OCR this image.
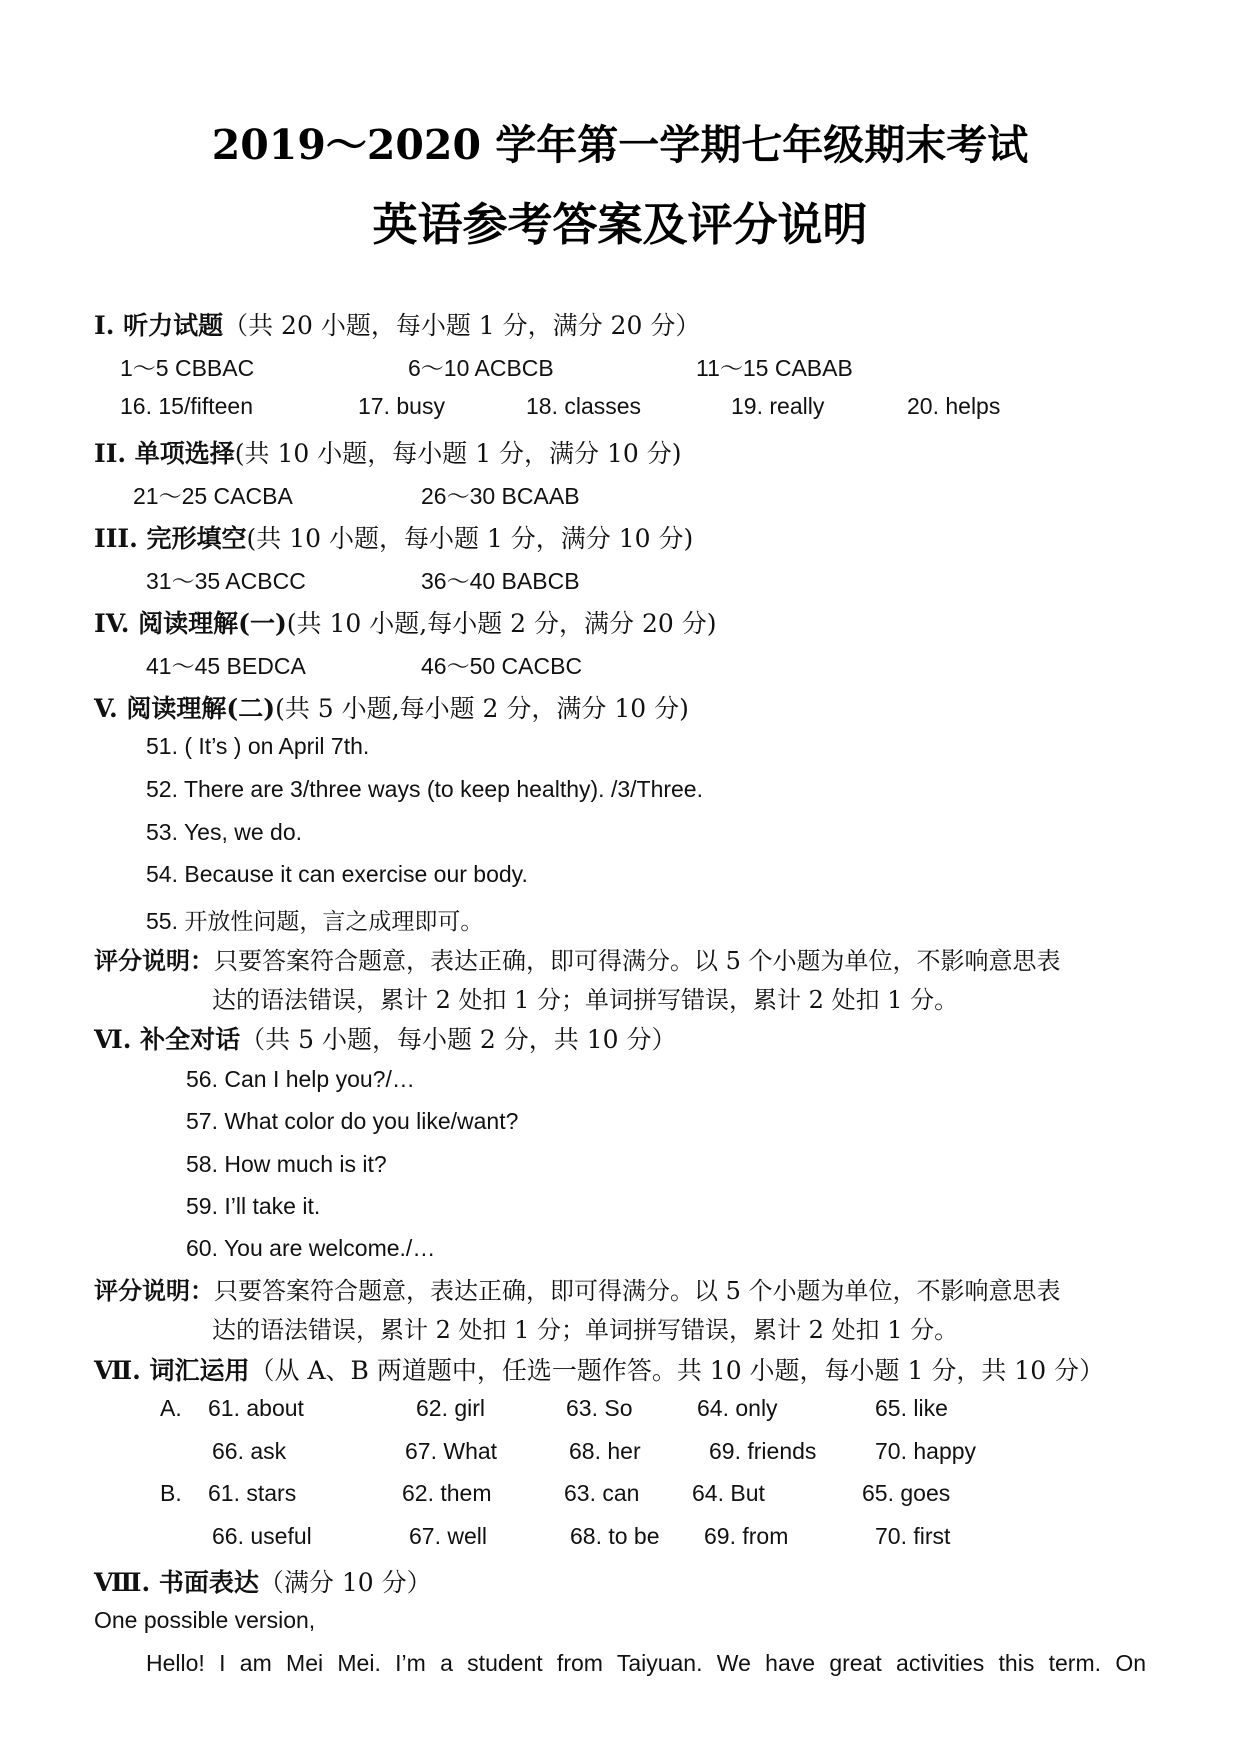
2019～2020 学年第一学期七年级期末考试
英语参考答案及评分说明
I. 听力试题（共 20 小题，每小题 1 分，满分 20 分）
1～5 CBBAC	6～10 ACBCB	11～15 CABAB
16. 15/fifteen	17. busy	18. classes	19. really	20. helps
II. 单项选择(共 10 小题，每小题 1 分，满分 10 分)
21～25 CACBA	26～30 BCAAB
III. 完形填空(共 10 小题，每小题 1 分，满分 10 分)
31～35 ACBCC	36～40 BABCB
IV. 阅读理解(一)(共 10 小题,每小题 2 分，满分 20 分)
41～45 BEDCA	46～50 CACBC
V. 阅读理解(二)(共 5 小题,每小题 2 分，满分 10 分)
51. ( It’s ) on April 7th.
52. There are 3/three ways (to keep healthy). /3/Three.
53. Yes, we do.
54. Because it can exercise our body.
55. 开放性问题，言之成理即可。
评分说明：只要答案符合题意，表达正确，即可得满分。以 5 个小题为单位，不影响意思表
达的语法错误，累计 2 处扣 1 分；单词拼写错误，累计 2 处扣 1 分。
Ⅵ. 补全对话（共 5 小题，每小题 2 分，共 10 分）
56. Can I help you?/…
57. What color do you like/want?
58. How much is it?
59. I’ll take it.
60. You are welcome./…
评分说明：只要答案符合题意，表达正确，即可得满分。以 5 个小题为单位，不影响意思表
达的语法错误，累计 2 处扣 1 分；单词拼写错误，累计 2 处扣 1 分。
Ⅶ. 词汇运用（从 A、B 两道题中，任选一题作答。共 10 小题，每小题 1 分，共 10 分）
A. 61. about	62. girl	63. So	64. only	65. like
66. ask	67. What	68. her	69. friends	70. happy
B. 61. stars	62. them	63. can 64. But	65. goes
66. useful	67. well	68. to be 69. from	70. first
Ⅷ. 书面表达（满分 10 分）
One possible version,
Hello! I am Mei Mei. I’m a student from Taiyuan. We have great activities this term. On
